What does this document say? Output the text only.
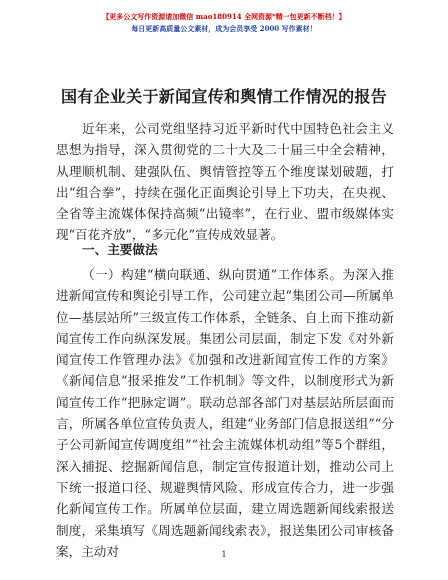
【更多公文写作资源请加微信 mao180914 全网资源*精一包更新不断档！】
每日更新高质量公文素材，成为会员享受 2000 写作素材！
国有企业关于新闻宣传和舆情工作情况的报告

近年来，公司党组坚持习近平新时代中国特色社会主义思想为指导，深入贯彻党的二十大及二十届三中全会精神，从理顺机制、建强队伍、舆情管控等五个维度谋划破题，打出“组合拳”，持续在强化正面舆论引导上下功夫，在央视、全省等主流媒体保持高频“出镜率”，在行业、盟市级媒体实现“百花齐放”，“多元化”宣传成效显著。

一、主要做法

（一）构建“横向联通、纵向贯通”工作体系。为深入推进新闻宣传和舆论引导工作，公司建立起“集团公司—所属单位—基层站所”三级宣传工作体系，全链条、自上而下推动新闻宣传工作向纵深发展。集团公司层面，制定下发《对外新闻宣传工作管理办法》《加强和改进新闻宣传工作的方案》《新闻信息“报采推发”工作机制》等文件，以制度形式为新闻宣传工作“把脉定调”。联动总部各部门对基层站所层面而言，所属各单位宣传负责人，组建“业务部门信息报送组”“分子公司新闻宣传调度组”“社会主流媒体机动组”等5个群组，深入捕捉、挖掘新闻信息，制定宣传报道计划，推动公司上下统一报道口径、规避舆情风险、形成宣传合力，进一步强化新闻宣传工作。所属单位层面，建立周选题新闻线索报送制度，采集填写《周选题新闻线索表》，报送集团公司审核备案，主动对	1
